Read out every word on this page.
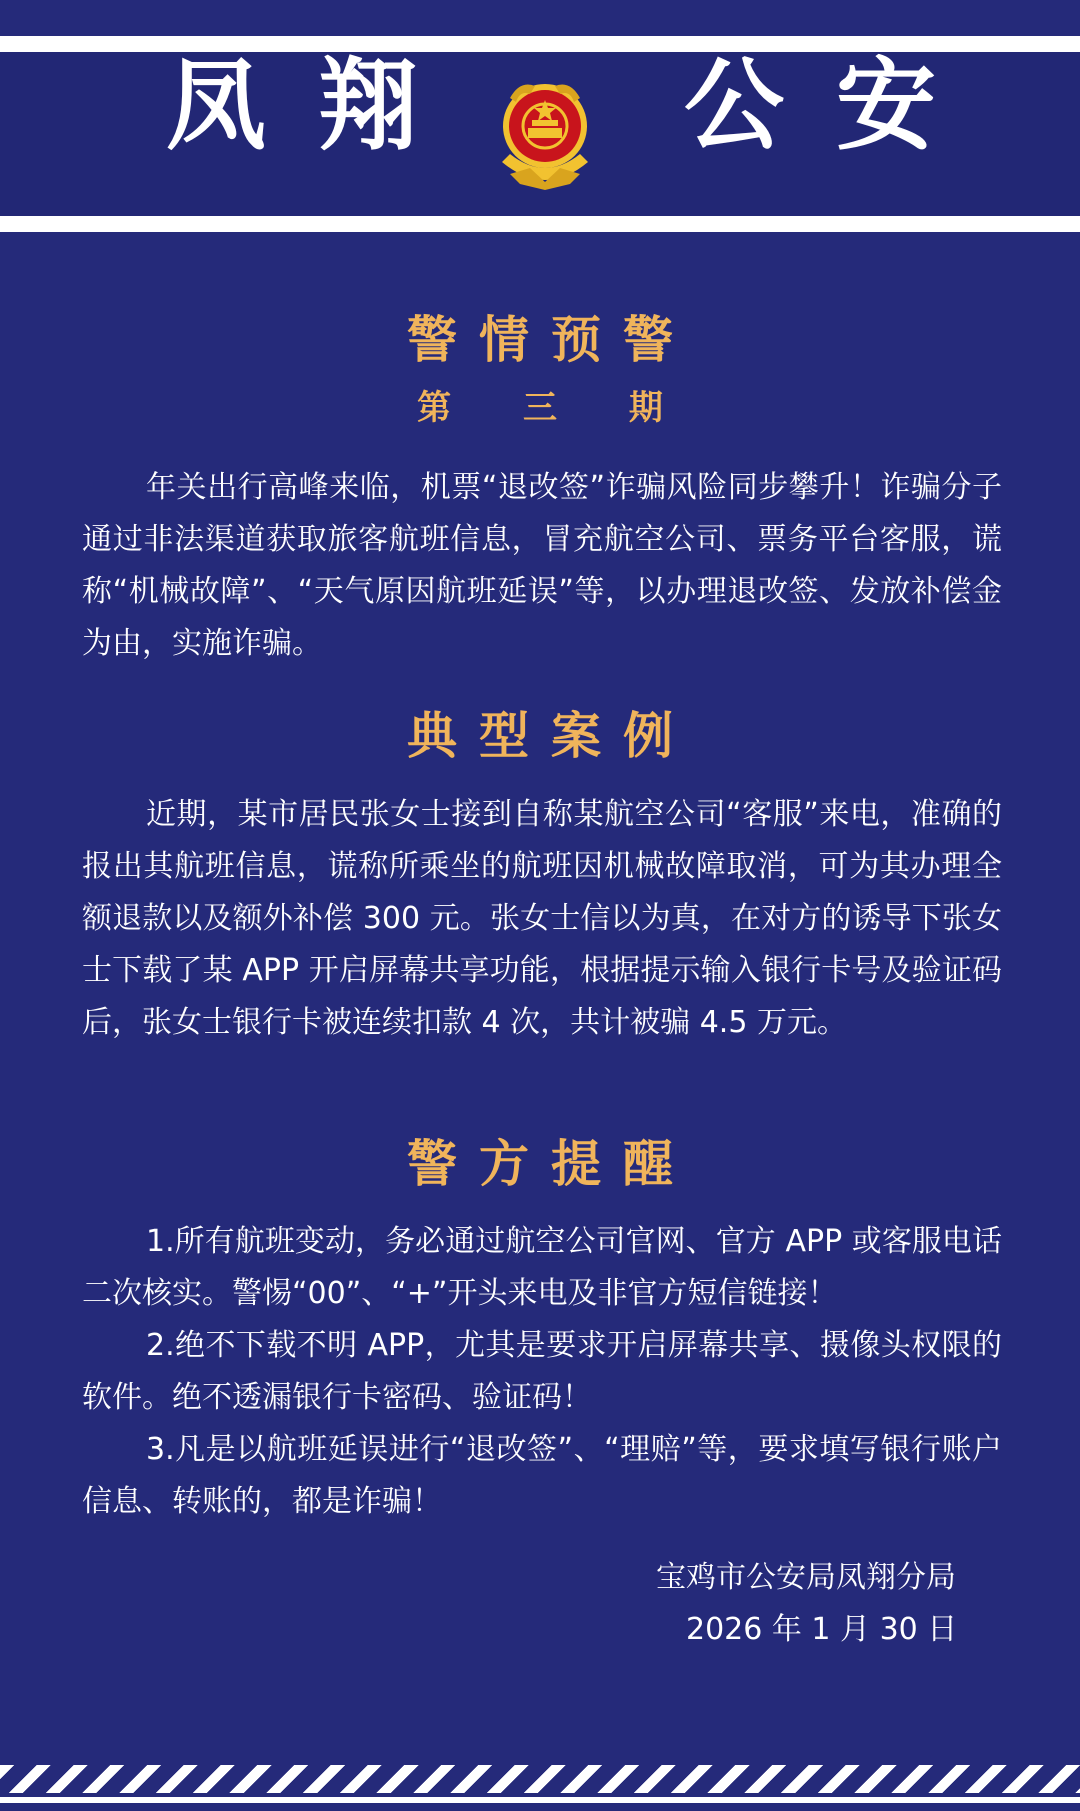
凤翔 公安
警情预警
第 三 期
年关出行高峰来临，机票“退改签”诈骗风险同步攀升！诈骗分子通过非法渠道获取旅客航班信息，冒充航空公司、票务平台客服，谎称“机械故障”、“天气原因航班延误”等，以办理退改签、发放补偿金为由，实施诈骗。
典型案例
近期，某市居民张女士接到自称某航空公司“客服”来电，准确的报出其航班信息，谎称所乘坐的航班因机械故障取消，可为其办理全额退款以及额外补偿 300 元。张女士信以为真，在对方的诱导下张女士下载了某 APP 开启屏幕共享功能，根据提示输入银行卡号及验证码后，张女士银行卡被连续扣款 4 次，共计被骗 4.5 万元。
警方提醒

1.所有航班变动，务必通过航空公司官网、官方 APP 或客服电话二次核实。警惕“00”、“+”开头来电及非官方短信链接！

2.绝不下载不明 APP，尤其是要求开启屏幕共享、摄像头权限的软件。绝不透漏银行卡密码、验证码！

3.凡是以航班延误进行“退改签”、“理赔”等，要求填写银行账户信息、转账的，都是诈骗！

宝鸡市公安局凤翔分局
2026 年 1 月 30 日
